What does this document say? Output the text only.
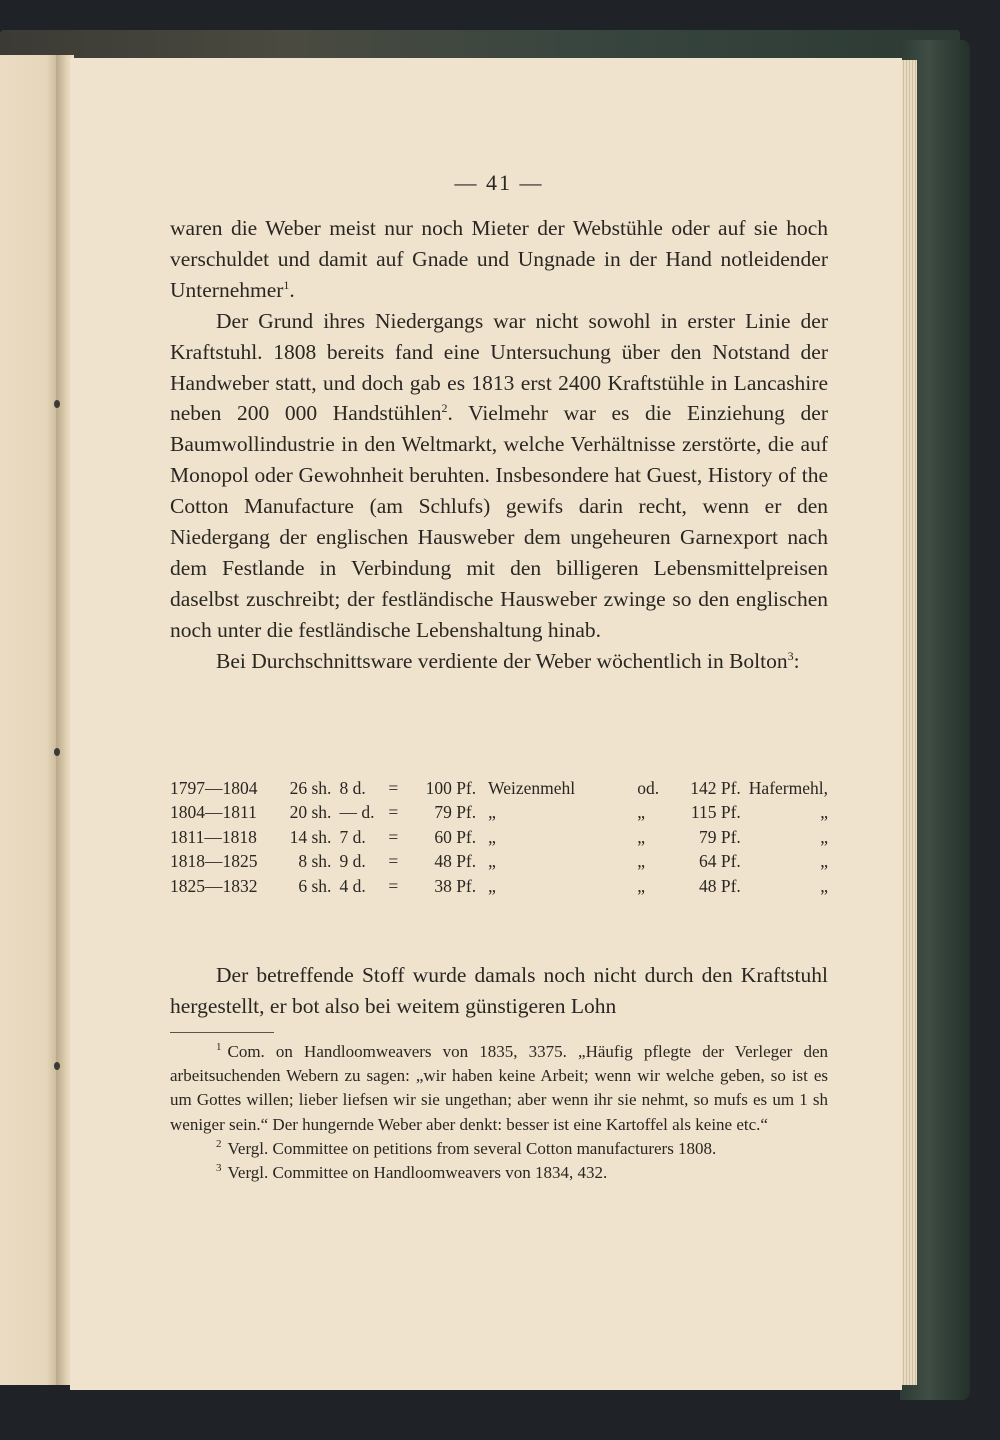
— 41 —

waren die Weber meist nur noch Mieter der Webstühle oder auf sie hoch verschuldet und damit auf Gnade und Ungnade in der Hand notleidender Unternehmer$^1$.

Der Grund ihres Niedergangs war nicht sowohl in erster Linie der Kraftstuhl. 1808 bereits fand eine Untersuchung über den Notstand der Handweber statt, und doch gab es 1813 erst 2400 Kraftstühle in Lancashire neben 200 000 Handstühlen$^2$. Vielmehr war es die Einziehung der Baumwollindustrie in den Weltmarkt, welche Verhältnisse zerstörte, die auf Monopol oder Gewohnheit beruhten. Insbesondere hat Guest, History of the Cotton Manufacture (am Schlufs) gewifs darin recht, wenn er den Niedergang der englischen Hausweber dem ungeheuren Garnexport nach dem Festlande in Verbindung mit den billigeren Lebensmittelpreisen daselbst zuschreibt; der festländische Hausweber zwinge so den englischen noch unter die festländische Lebenshaltung hinab.

Bei Durchschnittsware verdiente der Weber wöchentlich in Bolton$^3$:

1797—1804	26 sh.	8 d.	=	100 Pf.	Weizenmehl	od.	142 Pf.	Hafermehl,
1804—1811	20 sh.	— d.	=	79 Pf.	„	„	115 Pf.	„
1811—1818	14 sh.	7 d.	=	60 Pf.	„	„	79 Pf.	„
1818—1825	8 sh.	9 d.	=	48 Pf.	„	„	64 Pf.	„
1825—1832	6 sh.	4 d.	=	38 Pf.	„	„	48 Pf.	„

Der betreffende Stoff wurde damals noch nicht durch den Kraftstuhl hergestellt, er bot also bei weitem günstigeren Lohn

$^1$ Com. on Handloomweavers von 1835, 3375. „Häufig pflegte der Verleger den arbeitsuchenden Webern zu sagen: „wir haben keine Arbeit; wenn wir welche geben, so ist es um Gottes willen; lieber liefsen wir sie ungethan; aber wenn ihr sie nehmt, so mufs es um 1 sh weniger sein.“ Der hungernde Weber aber denkt: besser ist eine Kartoffel als keine etc.“

$^2$ Vergl. Committee on petitions from several Cotton manufacturers 1808.

$^3$ Vergl. Committee on Handloomweavers von 1834, 432.
